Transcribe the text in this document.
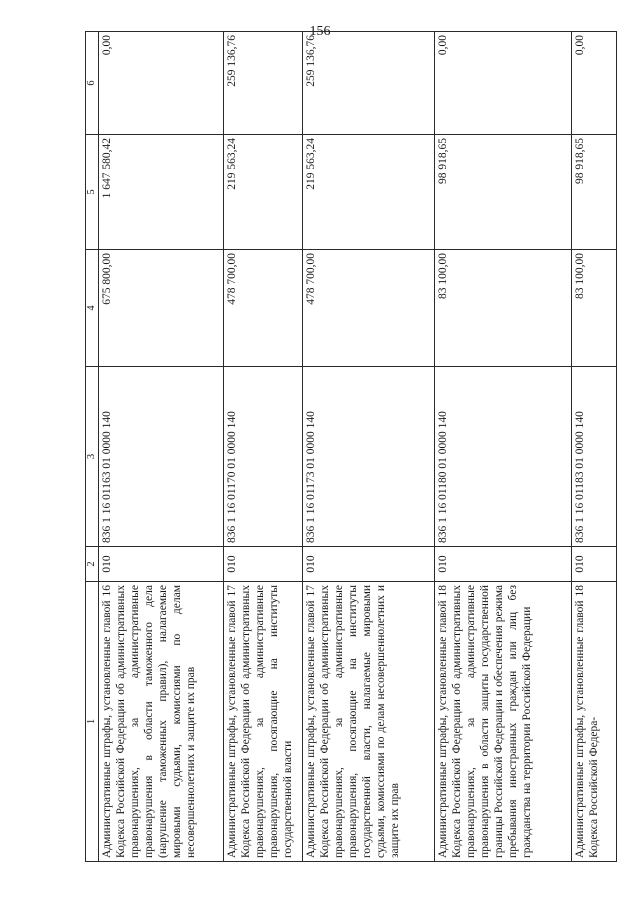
156
1	2	3	4	5	6
Административные штрафы, установленные главой 16 Кодекса Российской Федерации об административных правонарушениях, за административные правонарушения в области таможенного дела (нарушение таможенных правил), налагаемые мировыми судьями, комиссиями по делам несовершеннолетних и защите их прав	010	836 1 16 01163 01 0000 140	675 800,00	1 647 580,42	0,00
Административные штрафы, установленные главой 17 Кодекса Российской Федерации об административных правонарушениях, за административные правонарушения, посягающие на институты государственной власти	010	836 1 16 01170 01 0000 140	478 700,00	219 563,24	259 136,76
Административные штрафы, установленные главой 17 Кодекса Российской Федерации об административных правонарушениях, за административные правонарушения, посягающие на институты государственной власти, налагаемые мировыми судьями, комиссиями по делам несовершеннолетних и защите их прав	010	836 1 16 01173 01 0000 140	478 700,00	219 563,24	259 136,76
Административные штрафы, установленные главой 18 Кодекса Российской Федерации об административных правонарушениях, за административные правонарушения в области защиты государственной границы Российской Федерации и обеспечения режима пребывания иностранных граждан или лиц без гражданства на территории Российской Федерации	010	836 1 16 01180 01 0000 140	83 100,00	98 918,65	0,00
Административные штрафы, установленные главой 18 Кодекса Российской Федера-	010	836 1 16 01183 01 0000 140	83 100,00	98 918,65	0,00
